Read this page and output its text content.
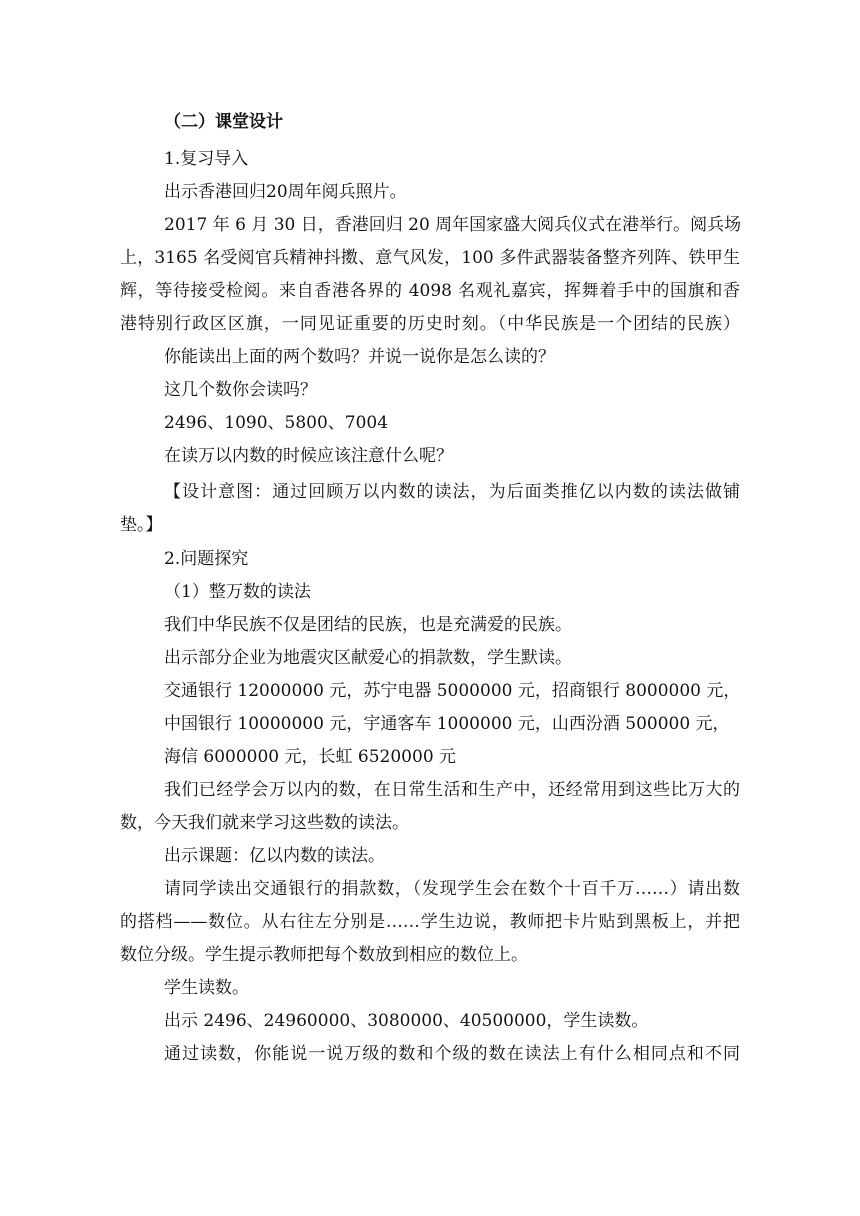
（二）课堂设计
1.复习导入
出示香港回归20周年阅兵照片。
2017 年 6 月 30 日，香港回归 20 周年国家盛大阅兵仪式在港举行。阅兵场
上，3165 名受阅官兵精神抖擞、意气风发，100 多件武器装备整齐列阵、铁甲生
辉，等待接受检阅。来自香港各界的 4098 名观礼嘉宾，挥舞着手中的国旗和香
港特别行政区区旗，一同见证重要的历史时刻。（中华民族是一个团结的民族）
你能读出上面的两个数吗？并说一说你是怎么读的？
这几个数你会读吗？
2496、1090、5800、7004
在读万以内数的时候应该注意什么呢？
【设计意图：通过回顾万以内数的读法，为后面类推亿以内数的读法做铺
垫。】
2.问题探究
（1）整万数的读法
我们中华民族不仅是团结的民族，也是充满爱的民族。
出示部分企业为地震灾区献爱心的捐款数，学生默读。
交通银行 12000000 元，苏宁电器 5000000 元，招商银行 8000000 元，
中国银行 10000000 元，宇通客车 1000000 元，山西汾酒 500000 元，
海信 6000000 元，长虹 6520000 元
我们已经学会万以内的数，在日常生活和生产中，还经常用到这些比万大的
数，今天我们就来学习这些数的读法。
出示课题：亿以内数的读法。
请同学读出交通银行的捐款数，（发现学生会在数个十百千万……）请出数
的搭档——数位。从右往左分别是……学生边说，教师把卡片贴到黑板上，并把
数位分级。学生提示教师把每个数放到相应的数位上。
学生读数。
出示 2496、24960000、3080000、40500000，学生读数。
通过读数，你能说一说万级的数和个级的数在读法上有什么相同点和不同
